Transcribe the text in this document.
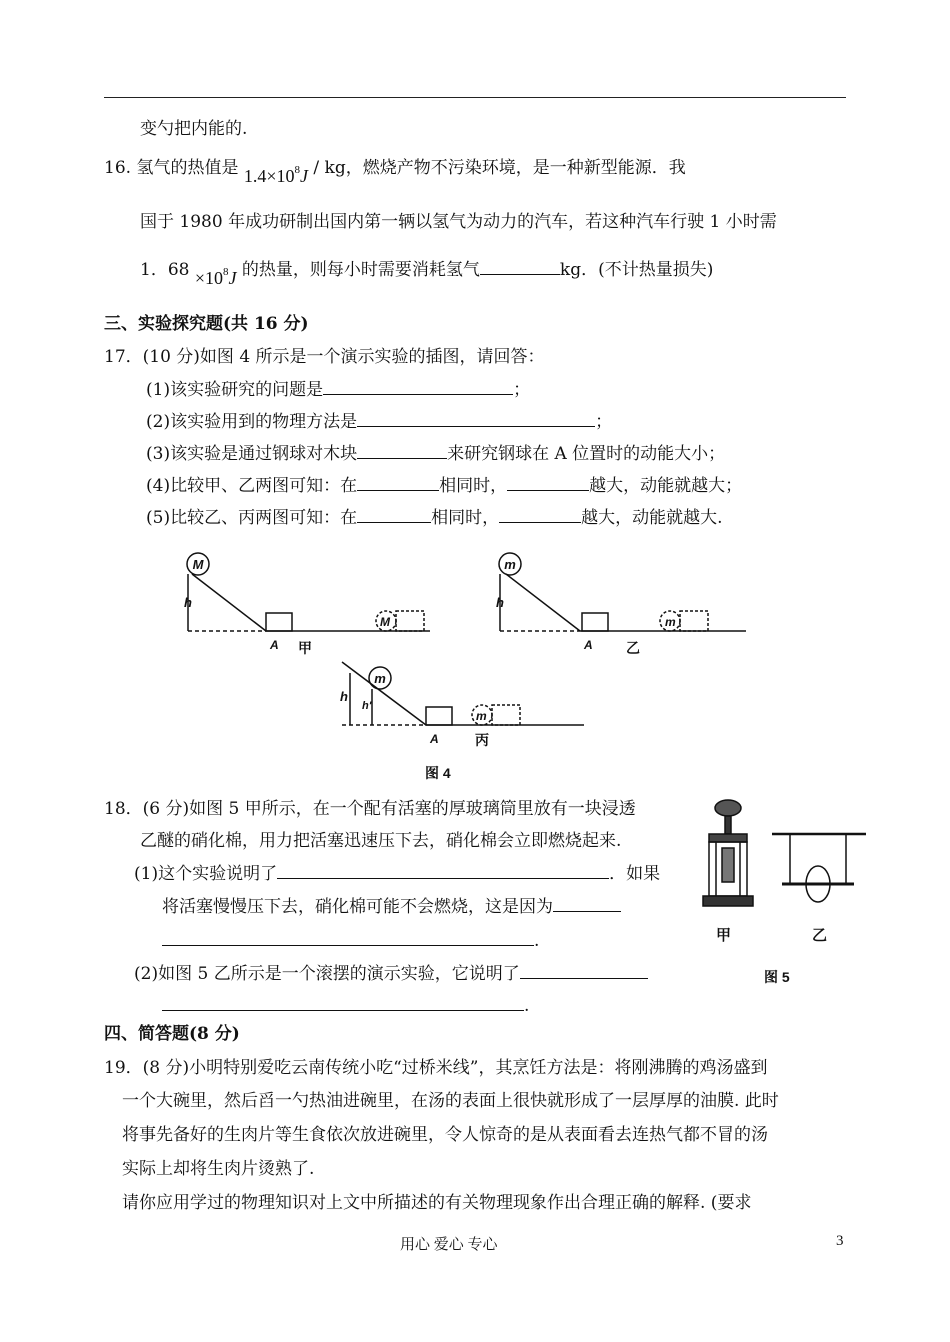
变勺把内能的.
16. 氢气的热值是 $1.4\times 10^8J$ / kg，燃烧产物不污染环境，是一种新型能源．我
国于 1980 年成功研制出国内第一辆以氢气为动力的汽车，若这种汽车行驶 1 小时需
1．$68 \times 10^8J$ 的热量，则每小时需要消耗氢气	kg．(不计热量损失)
三、实验探究题(共 16 分)
17．(10 分)如图 4 所示是一个演示实验的插图，请回答：
(1)该实验研究的问题是	；
(2)该实验用到的物理方法是	；
(3)该实验是通过钢球对木块	来研究钢球在 A 位置时的动能大小；
(4)比较甲、乙两图可知：在	相同时，	越大，动能就越大；
(5)比较乙、丙两图可知：在	相同时，	越大，动能就越大.
M
M
h
A 甲
m
m
h
A 乙
m
m
h
h'
A	丙
图 4
18．(6 分)如图 5 甲所示，在一个配有活塞的厚玻璃筒里放有一块浸透
乙醚的硝化棉，用力把活塞迅速压下去，硝化棉会立即燃烧起来.
(1)这个实验说明了	．如果
将活塞慢慢压下去，硝化棉可能不会燃烧，这是因为
.
(2)如图 5 乙所示是一个滚摆的演示实验，它说明了
.
甲	乙
图 5
四、简答题(8 分)
19．(8 分)小明特别爱吃云南传统小吃“过桥米线”，其烹饪方法是：将刚沸腾的鸡汤盛到
一个大碗里，然后舀一勺热油进碗里，在汤的表面上很快就形成了一层厚厚的油膜. 此时
将事先备好的生肉片等生食依次放进碗里，令人惊奇的是从表面看去连热气都不冒的汤
实际上却将生肉片烫熟了.
请你应用学过的物理知识对上文中所描述的有关物理现象作出合理正确的解释. (要求
用心 爱心 专心	3
